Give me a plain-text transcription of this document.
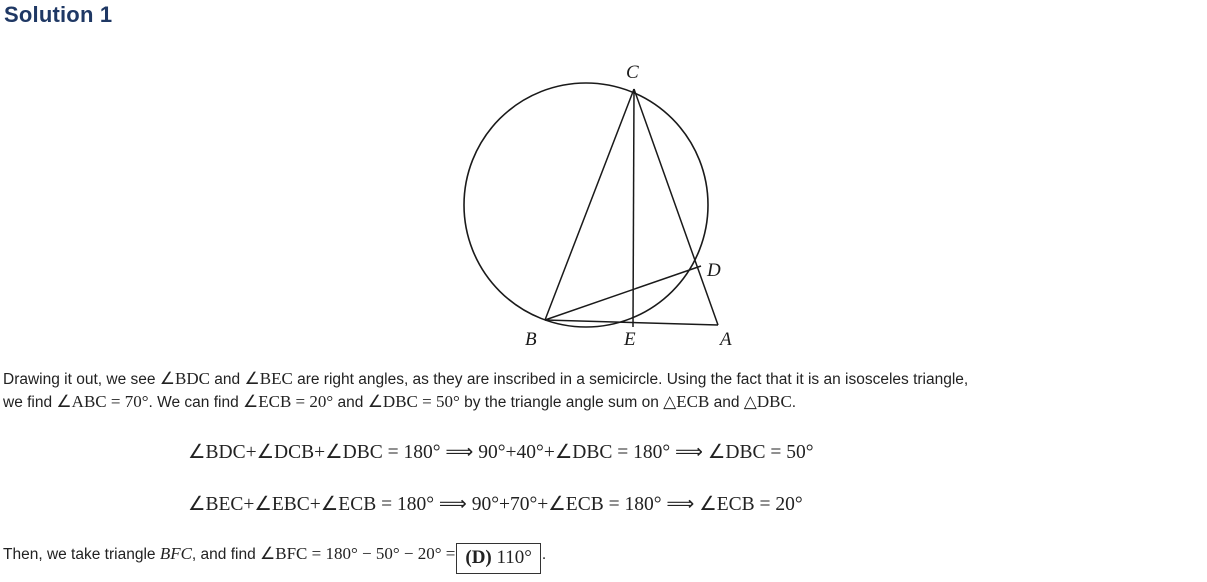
Solution 1
C
D
B	E	A
Drawing it out, we see ∠BDC and ∠BEC are right angles, as they are inscribed in a semicircle. Using the fact that it is an isosceles triangle,
we find ∠ABC = 70°. We can find ∠ECB = 20° and ∠DBC = 50° by the triangle angle sum on △ECB and △DBC.
∠BDC+∠DCB+∠DBC = 180° ⟹ 90°+40°+∠DBC = 180° ⟹ ∠DBC = 50°
∠BEC+∠EBC+∠ECB = 180° ⟹ 90°+70°+∠ECB = 180° ⟹ ∠ECB = 20°
Then, we take triangle BFC, and find ∠BFC = 180° − 50° − 20° = (D) 110° .
